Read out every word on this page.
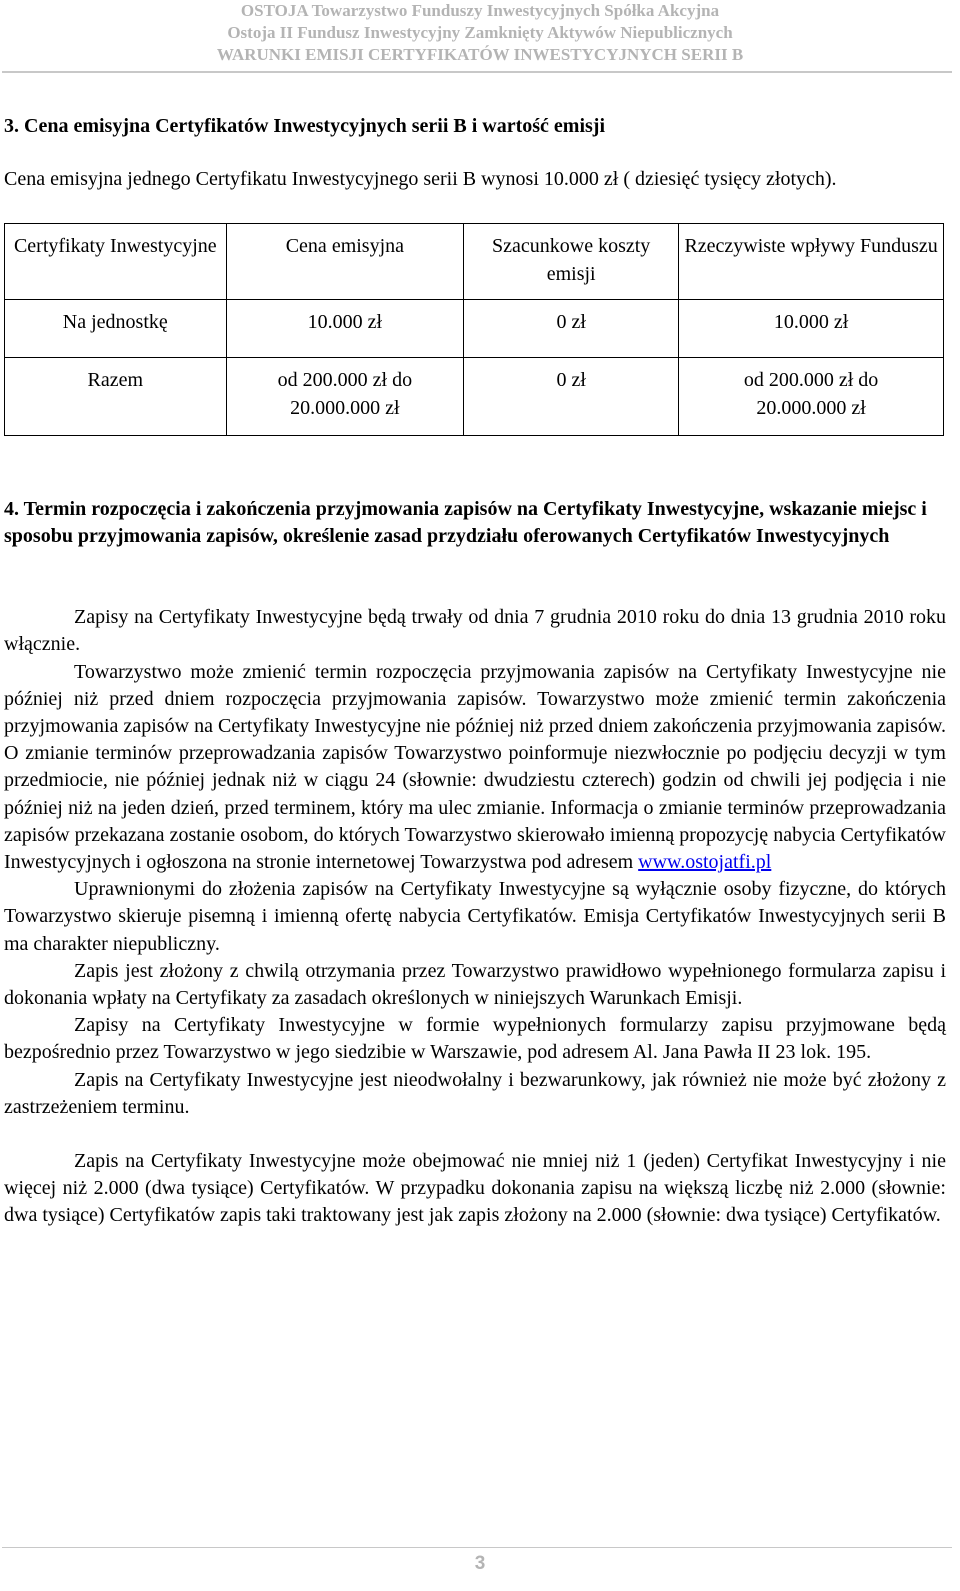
OSTOJA Towarzystwo Funduszy Inwestycyjnych Spółka Akcyjna
Ostoja II Fundusz Inwestycyjny Zamknięty Aktywów Niepublicznych
WARUNKI EMISJI CERTYFIKATÓW INWESTYCYJNYCH SERII B
3. Cena emisyjna Certyfikatów Inwestycyjnych serii B i wartość emisji

Cena emisyjna jednego Certyfikatu Inwestycyjnego serii B wynosi 10.000 zł ( dziesięć tysięcy złotych).

Certyfikaty Inwestycyjne	Cena emisyjna	Szacunkowe koszty emisji	Rzeczywiste wpływy Funduszu
Na jednostkę	10.000 zł	0 zł	10.000 zł
Razem	od 200.000 zł do 20.000.000 zł	0 zł	od 200.000 zł do 20.000.000 zł
4. Termin rozpoczęcia i zakończenia przyjmowania zapisów na Certyfikaty Inwestycyjne, wskazanie miejsc i sposobu przyjmowania zapisów, określenie zasad przydziału oferowanych Certyfikatów Inwestycyjnych

Zapisy na Certyfikaty Inwestycyjne będą trwały od dnia 7 grudnia 2010 roku do dnia 13 grudnia 2010 roku włącznie.

Towarzystwo może zmienić termin rozpoczęcia przyjmowania zapisów na Certyfikaty Inwestycyjne nie później niż przed dniem rozpoczęcia przyjmowania zapisów. Towarzystwo może zmienić termin zakończenia przyjmowania zapisów na Certyfikaty Inwestycyjne nie później niż przed dniem zakończenia przyjmowania zapisów. O zmianie terminów przeprowadzania zapisów Towarzystwo poinformuje niezwłocznie po podjęciu decyzji w tym przedmiocie, nie później jednak niż w ciągu 24 (słownie: dwudziestu czterech) godzin od chwili jej podjęcia i nie później niż na jeden dzień, przed terminem, który ma ulec zmianie. Informacja o zmianie terminów przeprowadzania zapisów przekazana zostanie osobom, do których Towarzystwo skierowało imienną propozycję nabycia Certyfikatów Inwestycyjnych i ogłoszona na stronie internetowej Towarzystwa pod adresem www.ostojatfi.pl

Uprawnionymi do złożenia zapisów na Certyfikaty Inwestycyjne są wyłącznie osoby fizyczne, do których Towarzystwo skieruje pisemną i imienną ofertę nabycia Certyfikatów. Emisja Certyfikatów Inwestycyjnych serii B ma charakter niepubliczny.

Zapis jest złożony z chwilą otrzymania przez Towarzystwo prawidłowo wypełnionego formularza zapisu i dokonania wpłaty na Certyfikaty za zasadach określonych w niniejszych Warunkach Emisji.

Zapisy na Certyfikaty Inwestycyjne w formie wypełnionych formularzy zapisu przyjmowane będą bezpośrednio przez Towarzystwo w jego siedzibie w Warszawie, pod adresem Al. Jana Pawła II 23 lok. 195.

Zapis na Certyfikaty Inwestycyjne jest nieodwołalny i bezwarunkowy, jak również nie może być złożony z zastrzeżeniem terminu.

Zapis na Certyfikaty Inwestycyjne może obejmować nie mniej niż 1 (jeden) Certyfikat Inwestycyjny i nie więcej niż 2.000 (dwa tysiące) Certyfikatów. W przypadku dokonania zapisu na większą liczbę niż 2.000 (słownie: dwa tysiące) Certyfikatów zapis taki traktowany jest jak zapis złożony na 2.000 (słownie: dwa tysiące) Certyfikatów.

3
